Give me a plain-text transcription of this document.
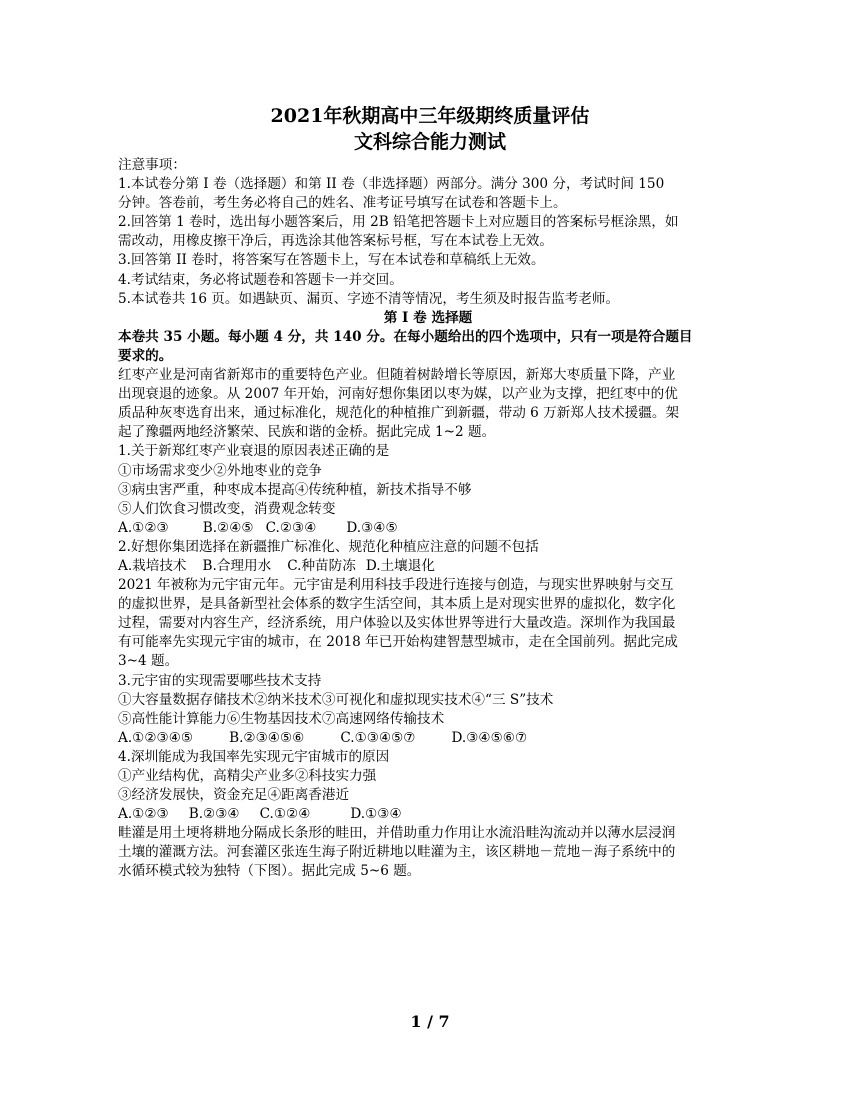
2021年秋期高中三年级期终质量评估
文科综合能力测试
注意事项：
1.本试卷分第 I 卷（选择题）和第 II 卷（非选择题）两部分。满分 300 分，考试时间 150
分钟。答卷前，考生务必将自己的姓名、准考证号填写在试卷和答题卡上。
2.回答第 1 卷时，选出每小题答案后，用 2B 铅笔把答题卡上对应题目的答案标号框涂黑，如
需改动，用橡皮擦干净后，再选涂其他答案标号框，写在本试卷上无效。
3.回答第 II 卷时，将答案写在答题卡上，写在本试卷和草稿纸上无效。
4.考试结束，务必将试题卷和答题卡一并交回。
5.本试卷共 16 页。如遇缺页、漏页、字迹不清等情况，考生须及时报告监考老师。
第 I 卷 选择题
本卷共 35 小题。每小题 4 分，共 140 分。在每小题给出的四个选项中，只有一项是符合题目
要求的。
红枣产业是河南省新郑市的重要特色产业。但随着树龄增长等原因，新郑大枣质量下降，产业
出现衰退的迹象。从 2007 年开始，河南好想你集团以枣为媒，以产业为支撑，把红枣中的优
质品种灰枣选育出来，通过标准化，规范化的种植推广到新疆，带动 6 万新郑人技术援疆。架
起了豫疆两地经济繁荣、民族和谐的金桥。据此完成 1~2 题。
1.关于新郑红枣产业衰退的原因表述正确的是
①市场需求变少②外地枣业的竞争
③病虫害严重，种枣成本提高④传统种植，新技术指导不够
⑤人们饮食习惯改变，消费观念转变
A.①②③	B.②④⑤ C.②③④ D.③④⑤
2.好想你集团选择在新疆推广标准化、规范化种植应注意的问题不包括
A.栽培技术 B.合理用水 C.种苗防冻 D.土壤退化
2021 年被称为元宇宙元年。元宇宙是利用科技手段进行连接与创造，与现实世界映射与交互
的虚拟世界，是具备新型社会体系的数字生活空间，其本质上是对现实世界的虚拟化，数字化
过程，需要对内容生产，经济系统，用户体验以及实体世界等进行大量改造。深圳作为我国最
有可能率先实现元宇宙的城市，在 2018 年已开始构建智慧型城市，走在全国前列。据此完成
3~4 题。
3.元宇宙的实现需要哪些技术支持
①大容量数据存储技术②纳米技术③可视化和虚拟现实技术④“三 S”技术
⑤高性能计算能力⑥生物基因技术⑦高速网络传输技术
A.①②③④⑤	B.②③④⑤⑥	C.①③④⑤⑦	D.③④⑤⑥⑦
4.深圳能成为我国率先实现元宇宙城市的原因
①产业结构优，高精尖产业多②科技实力强
③经济发展快，资金充足④距离香港近
A.①②③ B.②③④ C.①②④	D.①③④
畦灌是用土埂将耕地分隔成长条形的畦田，并借助重力作用让水流沿畦沟流动并以薄水层浸润
土壤的灌溉方法。河套灌区张连生海子附近耕地以畦灌为主，该区耕地－荒地－海子系统中的
水循环模式较为独特（下图）。据此完成 5~6 题。
1 / 7
